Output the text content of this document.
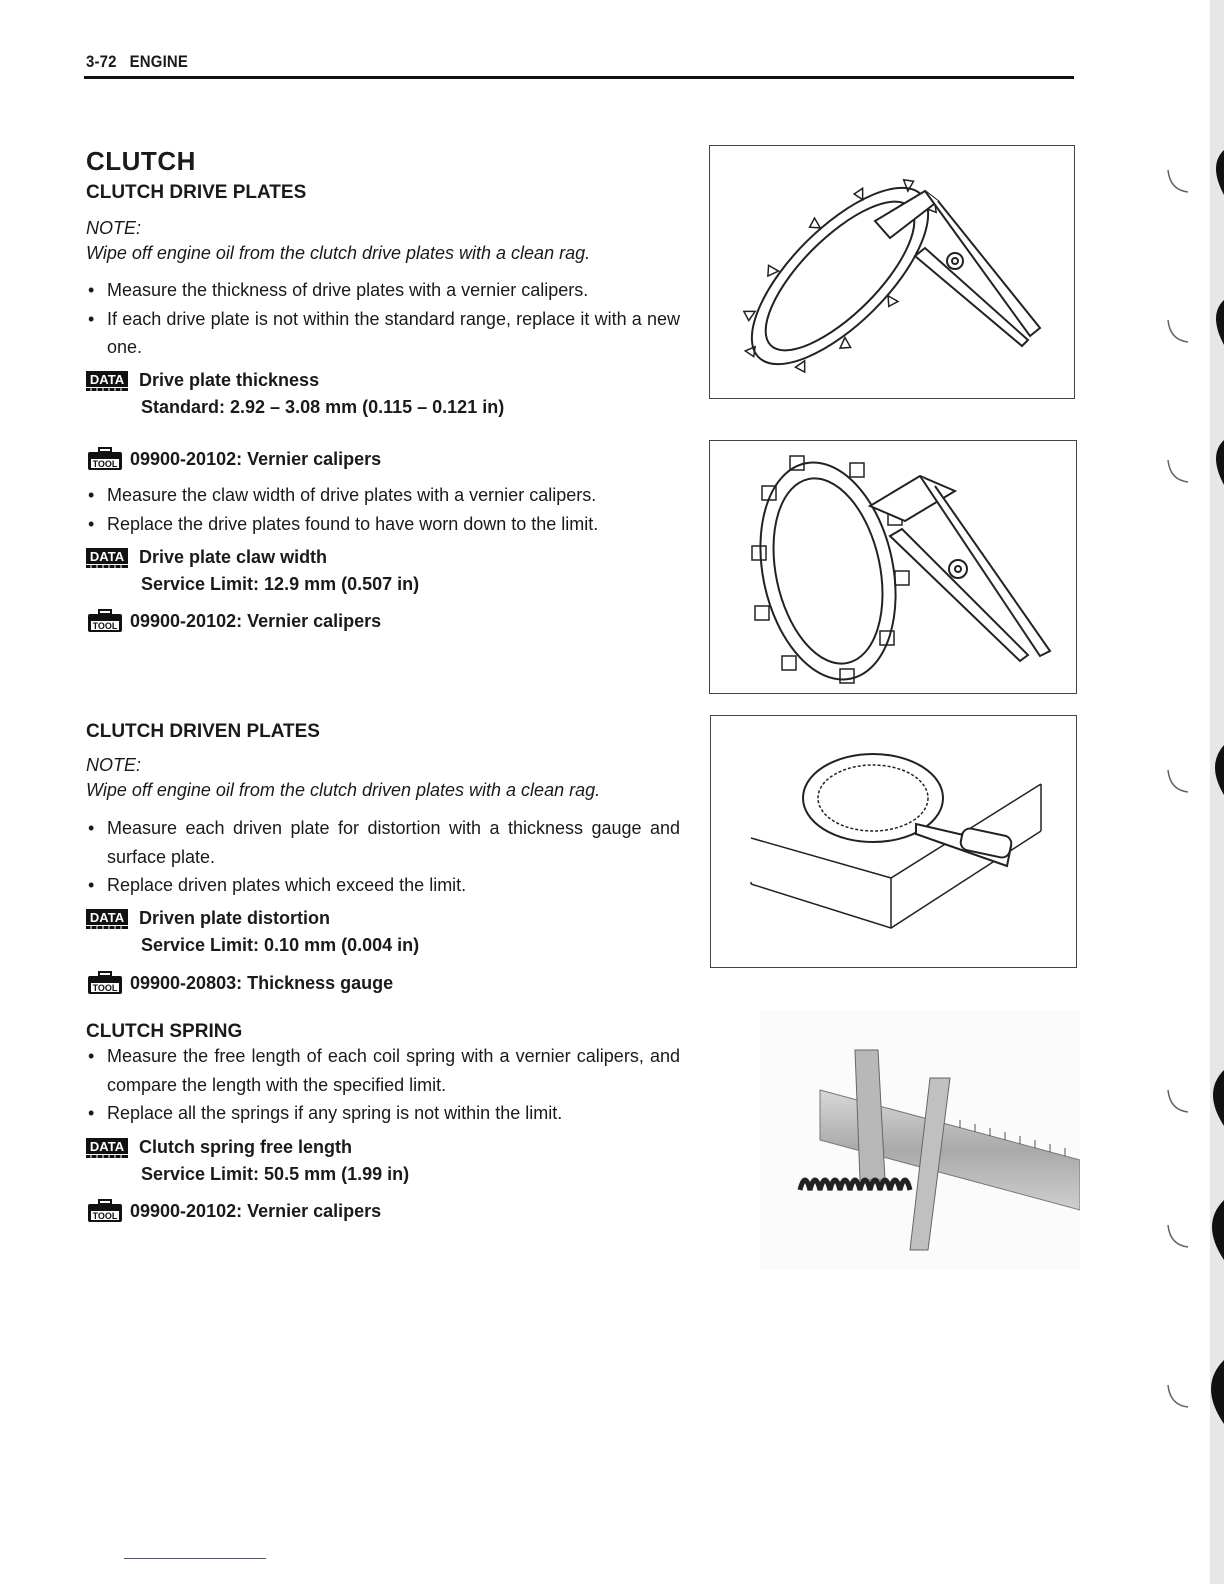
3-72 ENGINE
CLUTCH
CLUTCH DRIVE PLATES
NOTE:
Wipe off engine oil from the clutch drive plates with a clean rag.
• Measure the thickness of drive plates with a vernier calipers.
• If each drive plate is not within the standard range, replace it with a new one.
DATA Drive plate thickness
Standard: 2.92 – 3.08 mm (0.115 – 0.121 in)
TOOL 09900-20102: Vernier calipers
• Measure the claw width of drive plates with a vernier calipers.
• Replace the drive plates found to have worn down to the limit.
DATA Drive plate claw width
Service Limit: 12.9 mm (0.507 in)
TOOL 09900-20102: Vernier calipers
CLUTCH DRIVEN PLATES
NOTE:
Wipe off engine oil from the clutch driven plates with a clean rag.
• Measure each driven plate for distortion with a thickness gauge and surface plate.
• Replace driven plates which exceed the limit.
DATA Driven plate distortion
Service Limit: 0.10 mm (0.004 in)
TOOL 09900-20803: Thickness gauge
CLUTCH SPRING
• Measure the free length of each coil spring with a vernier calipers, and compare the length with the specified limit.
• Replace all the springs if any spring is not within the limit.
DATA Clutch spring free length
Service Limit: 50.5 mm (1.99 in)
TOOL 09900-20102: Vernier calipers
